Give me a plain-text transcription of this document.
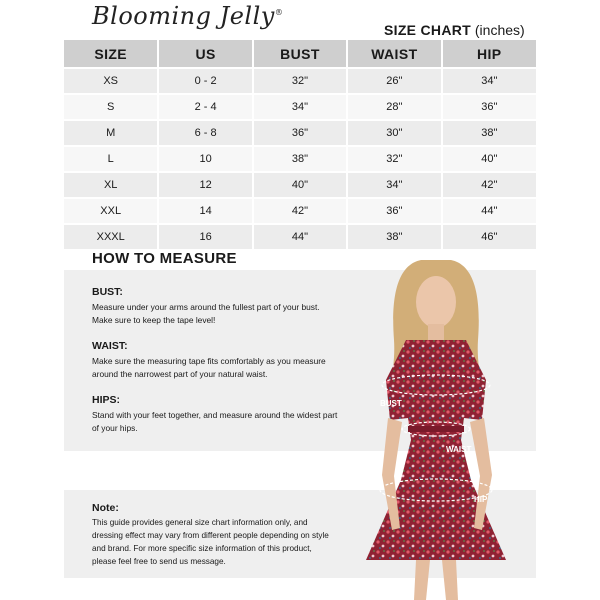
Blooming Jelly®
SIZE CHART (inches)
SIZE	US	BUST	WAIST	HIP
XS	0 - 2	32"	26"	34"
S	2 - 4	34"	28"	36"
M	6 - 8	36"	30"	38"
L	10	38"	32"	40"
XL	12	40"	34"	42"
XXL	14	42"	36"	44"
XXXL	16	44"	38"	46"
HOW TO MEASURE
BUST:
Measure under your arms around the fullest part of your bust. Make sure to keep the tape level!
WAIST:
Make sure the measuring tape fits comfortably as you measure around the narrowest part of your natural waist.
HIPS:
Stand with your feet together, and measure around the widest part of your hips.
Note:
This guide provides general size chart information only, and dressing effect may vary from different people depending on style and brand. For more specific size information of this product, please feel free to send us message.
BUST
WAIST
HIP
